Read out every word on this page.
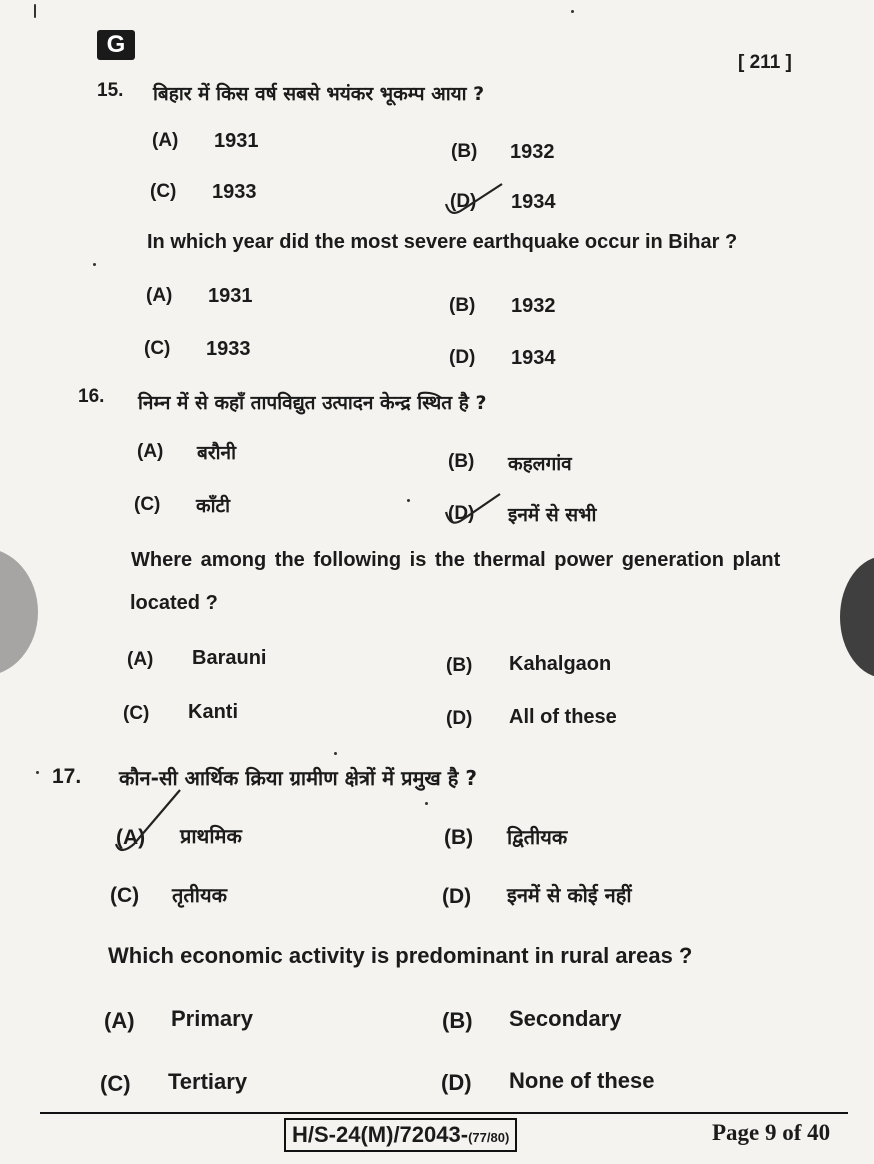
G
[ 211 ]
15. बिहार में किस वर्ष सबसे भयंकर भूकम्प आया ?
(A) 1931	(B) 1932
(C) 1933	(D) 1934
In which year did the most severe earthquake occur in Bihar ?
(A) 1931	(B) 1932
(C) 1933	(D) 1934
16. निम्न में से कहाँ तापविद्युत उत्पादन केन्द्र स्थित है ?
(A) बरौनी	(B) कहलगांव
(C) काँटी	(D) इनमें से सभी
Where among the following is the thermal power generation plant
located ?
(A) Barauni	(B) Kahalgaon
(C) Kanti	(D) All of these
17. कौन-सी आर्थिक क्रिया ग्रामीण क्षेत्रों में प्रमुख है ?
(A) प्राथमिक	(B) द्वितीयक
(C) तृतीयक	(D) इनमें से कोई नहीं
Which economic activity is predominant in rural areas ?
(A) Primary	(B) Secondary
(C) Tertiary	(D) None of these
H/S-24(M)/72043-(77/80)	Page 9 of 40
